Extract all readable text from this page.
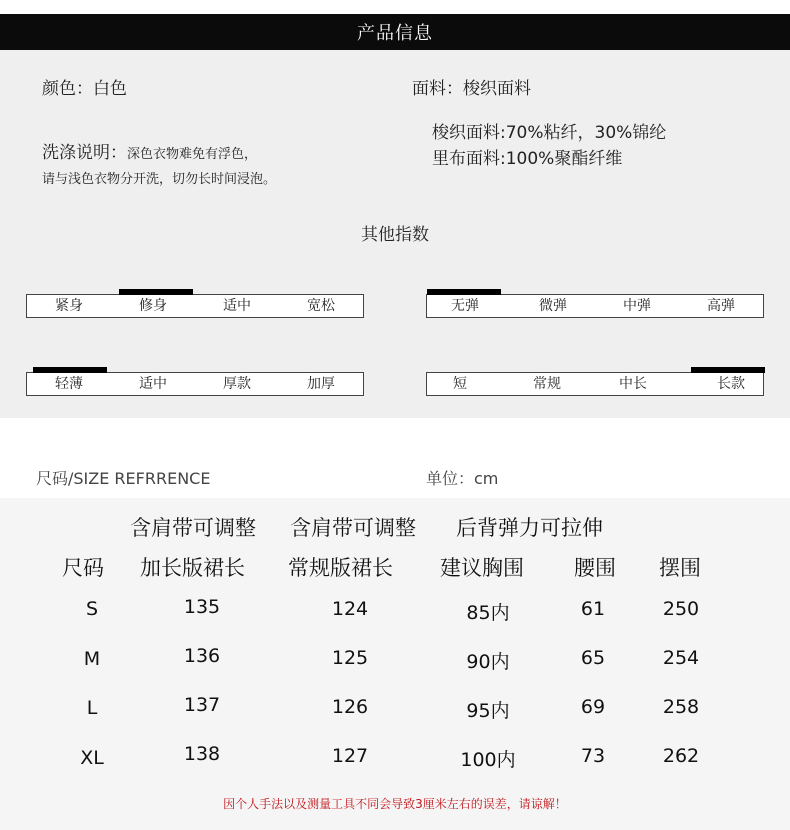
产品信息
颜色：白色	面料：梭织面料
梭织面料:70%粘纤，30%锦纶
里布面料:100%聚酯纤维
洗涤说明：深色衣物难免有浮色，
请与浅色衣物分开洗，切勿长时间浸泡。
其他指数
紧身	修身	适中	宽松	无弹	微弹	中弹	高弹
轻薄	适中	厚款	加厚	短	常规	中长	长款
尺码/SIZE REFRRENCE	单位：cm
含肩带可调整 含肩带可调整 后背弹力可拉伸
尺码 加长版裙长 常规版裙长 建议胸围 腰围 摆围
S	135	124	85内	61	250
M	136	125	90内	65	254
L	137	126	95内	69	258
XL	138	127	100内	73	262
因个人手法以及测量工具不同会导致3厘米左右的误差，请谅解！
